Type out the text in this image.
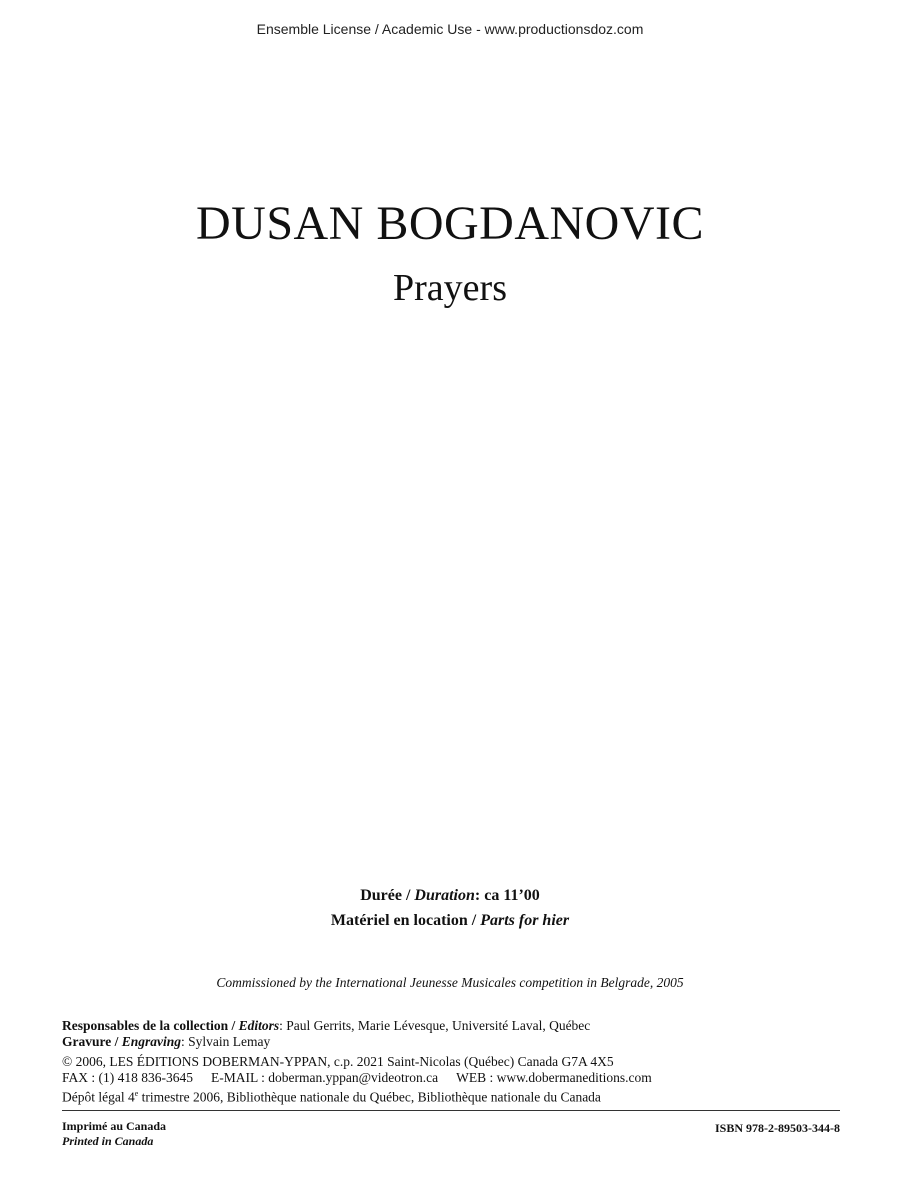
Ensemble License / Academic Use - www.productionsdoz.com
DUSAN BOGDANOVIC
Prayers
Durée / Duration: ca 11’00
Matériel en location / Parts for hier
Commissioned by the International Jeunesse Musicales competition in Belgrade, 2005
Responsables de la collection / Editors: Paul Gerrits, Marie Lévesque, Université Laval, Québec
Gravure / Engraving: Sylvain Lemay
© 2006, LES ÉDITIONS DOBERMAN-YPPAN, c.p. 2021 Saint-Nicolas (Québec) Canada G7A 4X5
FAX : (1) 418 836-3645 E-MAIL : doberman.yppan@videotron.ca WEB : www.dobermaneditions.com
Dépôt légal 4e trimestre 2006, Bibliothèque nationale du Québec, Bibliothèque nationale du Canada
Imprimé au Canada
Printed in Canada
ISBN 978-2-89503-344-8
